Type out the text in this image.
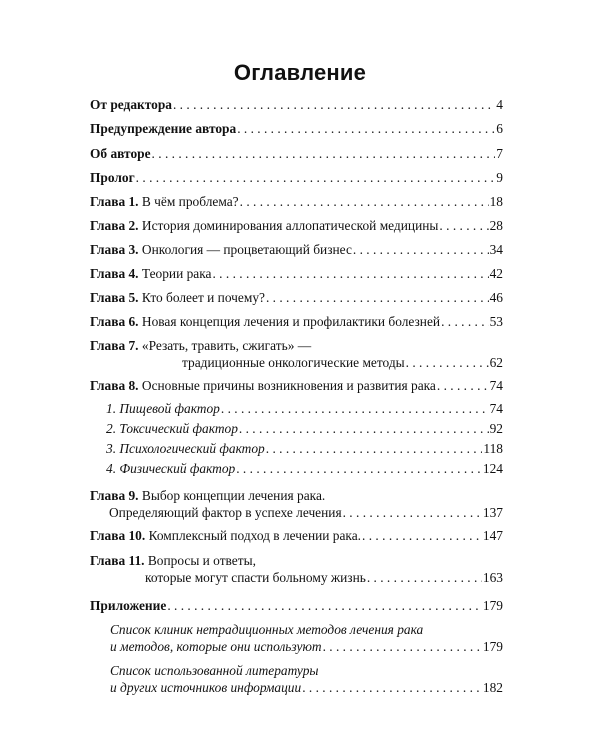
Оглавление
От редактора . . .	4
Предупреждение автора . . .	6
Об авторе . . .	7
Пролог . . .	9
Глава 1. В чём проблема? . . .	18
Глава 2. История доминирования аллопатической медицины . . .	28
Глава 3. Онкология — процветающий бизнес . . .	34
Глава 4. Теории рака . . .	42
Глава 5. Кто болеет и почему? . . .	46
Глава 6. Новая концепция лечения и профилактики болезней . . .	53
Глава 7. «Резать, травить, сжигать» —
традиционные онкологические методы . . .	62
Глава 8. Основные причины возникновения и развития рака . . .	74
1. Пищевой фактор . . .	74
2. Токсический фактор . . .	92
3. Психологический фактор . . .	118
4. Физический фактор . . .	124
Глава 9. Выбор концепции лечения рака.
Определяющий фактор в успехе лечения . . .	137
Глава 10. Комплексный подход в лечении рака. . . .	147
Глава 11. Вопросы и ответы,
которые могут спасти больному жизнь . . .	163
Приложение . . .	179
Список клиник нетрадиционных методов лечения рака
и методов, которые они используют . . .	179
Список использованной литературы
и других источников информации . . .	182
